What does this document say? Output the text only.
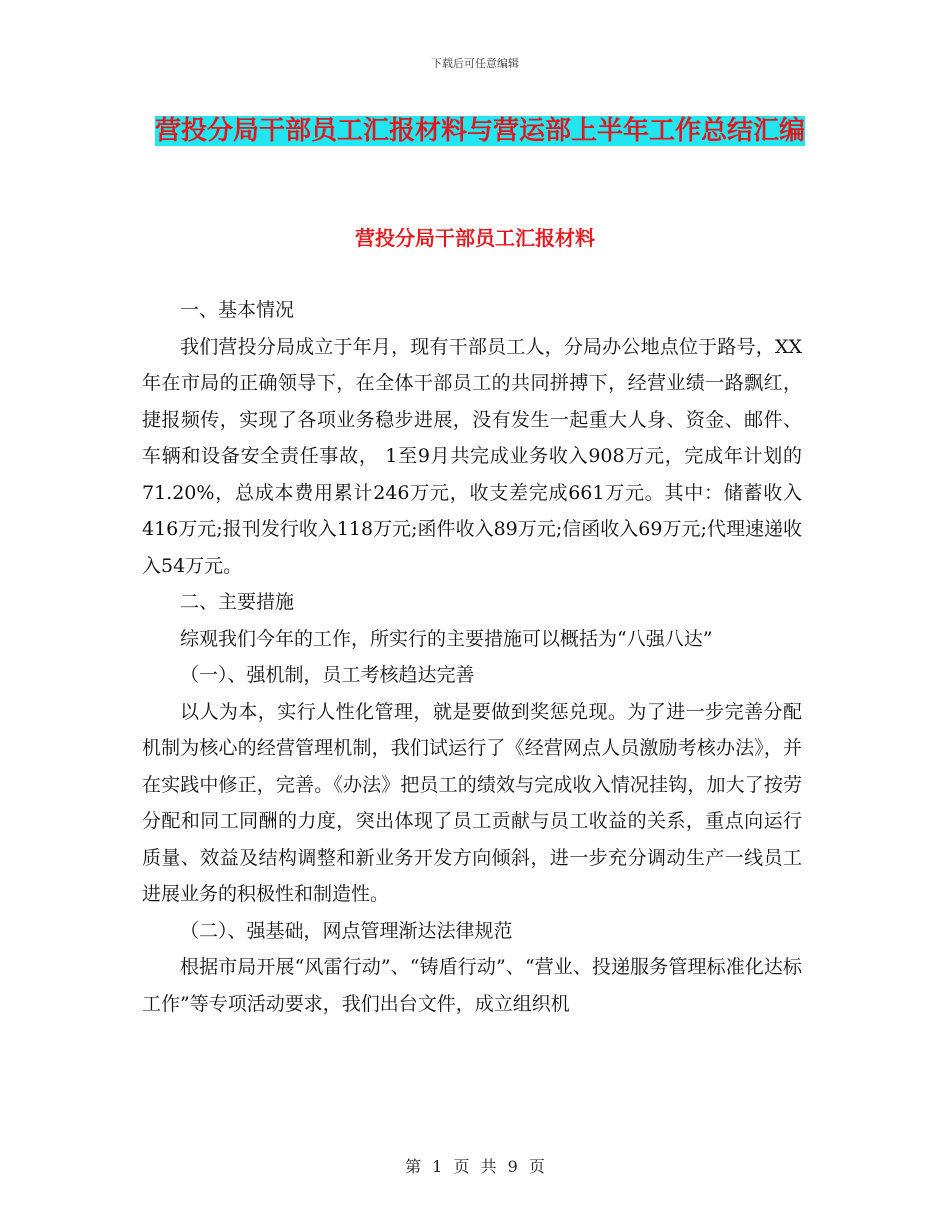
下载后可任意编辑
营投分局干部员工汇报材料与营运部上半年工作总结汇编
营投分局干部员工汇报材料

一、基本情况

我们营投分局成立于年月，现有干部员工人，分局办公地点位于路号，XX年在市局的正确领导下，在全体干部员工的共同拼搏下，经营业绩一路飘红，捷报频传，实现了各项业务稳步进展，没有发生一起重大人身、资金、邮件、车辆和设备安全责任事故， 1至9月共完成业务收入908万元，完成年计划的71.20%，总成本费用累计246万元，收支差完成661万元。其中：储蓄收入416万元;报刊发行收入118万元;函件收入89万元;信函收入69万元;代理速递收入54万元。

二、主要措施

综观我们今年的工作，所实行的主要措施可以概括为“八强八达”

（一）、强机制，员工考核趋达完善

以人为本，实行人性化管理，就是要做到奖惩兑现。为了进一步完善分配机制为核心的经营管理机制，我们试运行了《经营网点人员激励考核办法》，并在实践中修正，完善。《办法》把员工的绩效与完成收入情况挂钩，加大了按劳分配和同工同酬的力度，突出体现了员工贡献与员工收益的关系，重点向运行质量、效益及结构调整和新业务开发方向倾斜，进一步充分调动生产一线员工进展业务的积极性和制造性。

（二）、强基础，网点管理渐达法律规范

根据市局开展“风雷行动”、“铸盾行动”、“营业、投递服务管理标准化达标工作”等专项活动要求，我们出台文件，成立组织机

第 1 页 共 9 页
